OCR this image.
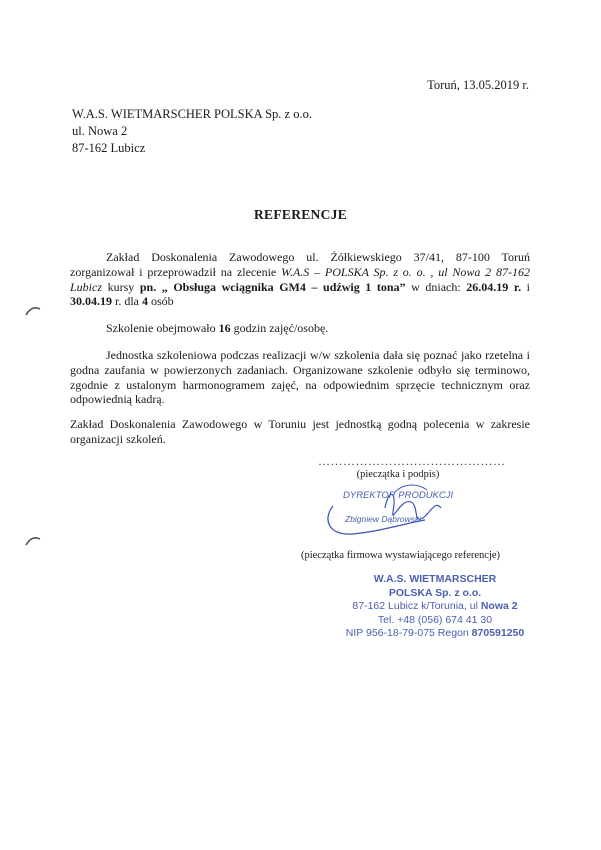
Toruń, 13.05.2019 r.
W.A.S. WIETMARSCHER POLSKA Sp. z o.o.
ul. Nowa 2
87-162 Lubicz
REFERENCJE
Zakład Doskonalenia Zawodowego ul. Żółkiewskiego 37/41, 87-100 Toruń zorganizował i przeprowadził na zlecenie W.A.S – POLSKA Sp. z o. o. , ul Nowa 2 87-162 Lubicz kursy pn. „ Obsługa wciągnika GM4 – udźwig 1 tona” w dniach: 26.04.19 r. i 30.04.19 r. dla 4 osób
Szkolenie obejmowało 16 godzin zajęć/osobę.
Jednostka szkoleniowa podczas realizacji w/w szkolenia dała się poznać jako rzetelna i godna zaufania w powierzonych zadaniach. Organizowane szkolenie odbyło się terminowo, zgodnie z ustalonym harmonogramem zajęć, na odpowiednim sprzęcie technicznym oraz odpowiednią kadrą.
Zakład Doskonalenia Zawodowego w Toruniu jest jednostką godną polecenia w zakresie organizacji szkoleń.
………………………………………
(pieczątka i podpis)
DYREKTOR PRODUKCJI
Zbigniew Dąbrowski
(pieczątka firmowa wystawiającego referencje)
W.A.S. WIETMARSCHER
POLSKA Sp. z o.o.
87-162 Lubicz k/Torunia, ul Nowa 2
Tel. +48 (056) 674 41 30
NIP 956-18-79-075 Regon 870591250
